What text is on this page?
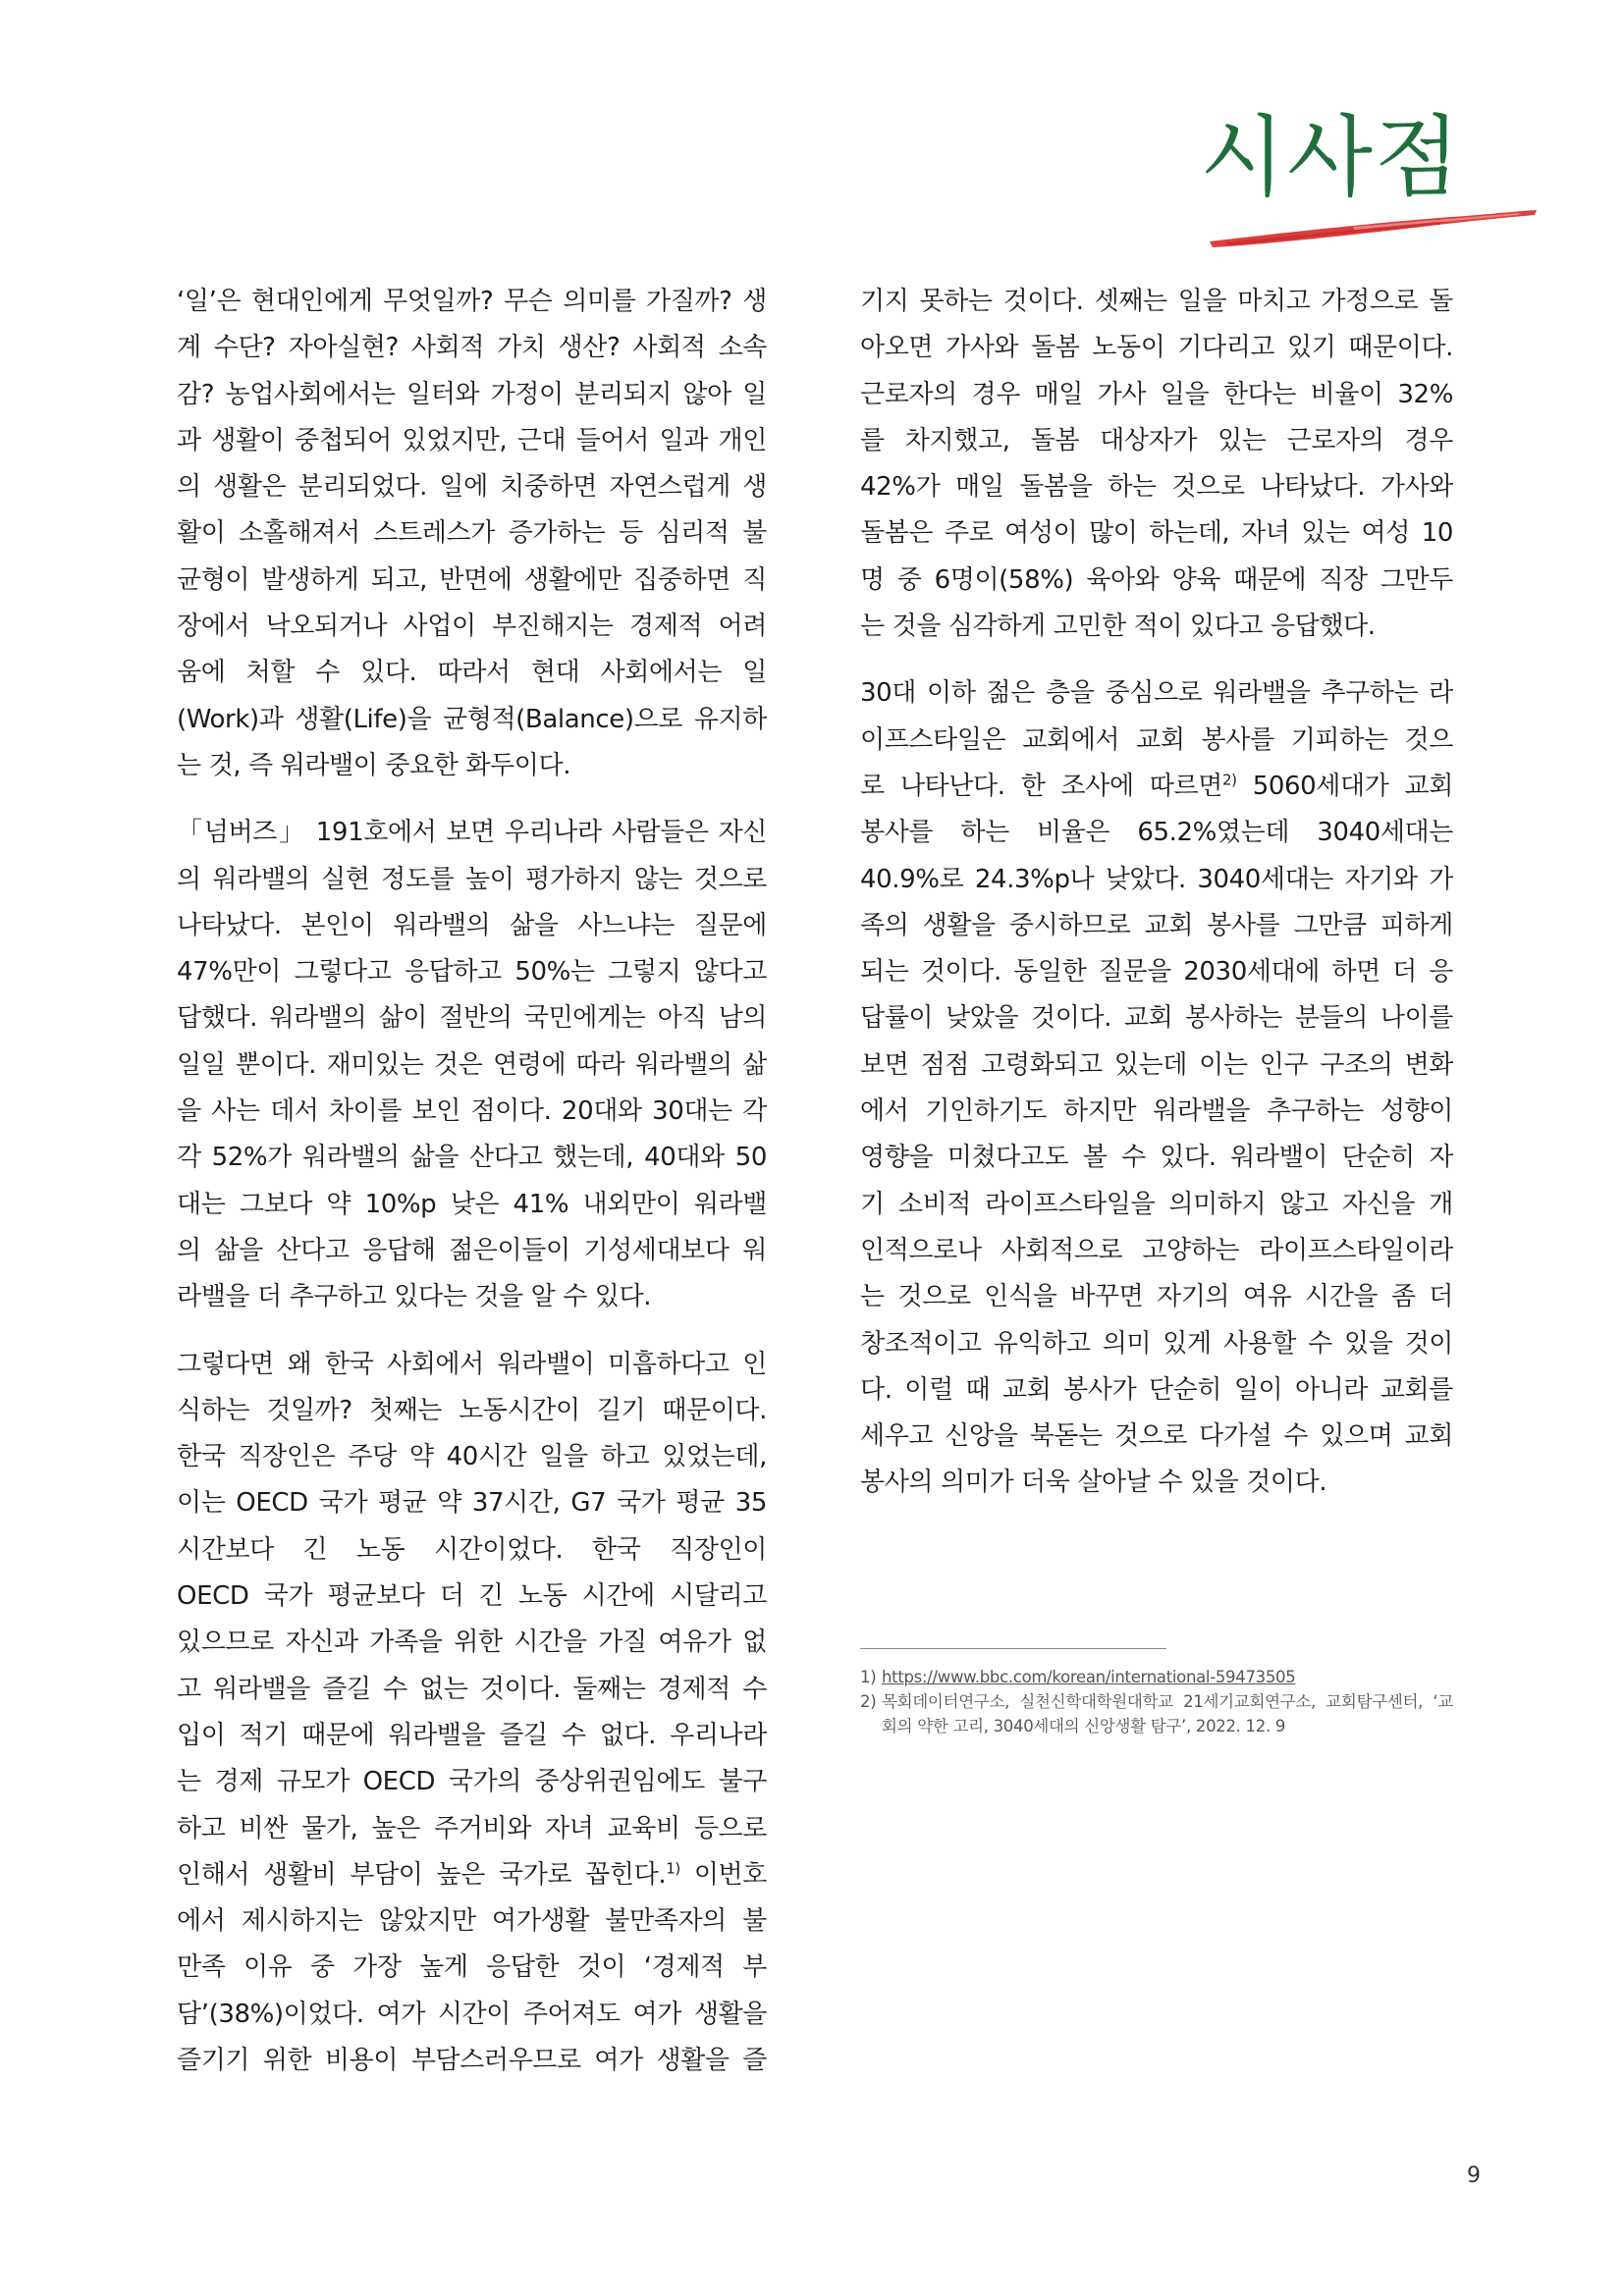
시사점
‘일’은 현대인에게 무엇일까? 무슨 의미를 가질까? 생
계 수단? 자아실현? 사회적 가치 생산? 사회적 소속
감? 농업사회에서는 일터와 가정이 분리되지 않아 일
과 생활이 중첩되어 있었지만, 근대 들어서 일과 개인
의 생활은 분리되었다. 일에 치중하면 자연스럽게 생
활이 소홀해져서 스트레스가 증가하는 등 심리적 불
균형이 발생하게 되고, 반면에 생활에만 집중하면 직
장에서 낙오되거나 사업이 부진해지는 경제적 어려
움에 처할 수 있다. 따라서 현대 사회에서는 일
(Work)과 생활(Life)을 균형적(Balance)으로 유지하
는 것, 즉 워라밸이 중요한 화두이다.
「넘버즈」 191호에서 보면 우리나라 사람들은 자신
의 워라밸의 실현 정도를 높이 평가하지 않는 것으로
나타났다. 본인이 워라밸의 삶을 사느냐는 질문에
47%만이 그렇다고 응답하고 50%는 그렇지 않다고
답했다. 워라밸의 삶이 절반의 국민에게는 아직 남의
일일 뿐이다. 재미있는 것은 연령에 따라 워라밸의 삶
을 사는 데서 차이를 보인 점이다. 20대와 30대는 각
각 52%가 워라밸의 삶을 산다고 했는데, 40대와 50
대는 그보다 약 10%p 낮은 41% 내외만이 워라밸
의 삶을 산다고 응답해 젊은이들이 기성세대보다 워
라밸을 더 추구하고 있다는 것을 알 수 있다.
그렇다면 왜 한국 사회에서 워라밸이 미흡하다고 인
식하는 것일까? 첫째는 노동시간이 길기 때문이다.
한국 직장인은 주당 약 40시간 일을 하고 있었는데,
이는 OECD 국가 평균 약 37시간, G7 국가 평균 35
시간보다 긴 노동 시간이었다. 한국 직장인이
OECD 국가 평균보다 더 긴 노동 시간에 시달리고
있으므로 자신과 가족을 위한 시간을 가질 여유가 없
고 워라밸을 즐길 수 없는 것이다. 둘째는 경제적 수
입이 적기 때문에 워라밸을 즐길 수 없다. 우리나라
는 경제 규모가 OECD 국가의 중상위권임에도 불구
하고 비싼 물가, 높은 주거비와 자녀 교육비 등으로
인해서 생활비 부담이 높은 국가로 꼽힌다.$^{1)}$ 이번호
에서 제시하지는 않았지만 여가생활 불만족자의 불
만족 이유 중 가장 높게 응답한 것이 ‘경제적 부
담’(38%)이었다. 여가 시간이 주어져도 여가 생활을
즐기기 위한 비용이 부담스러우므로 여가 생활을 즐
기지 못하는 것이다. 셋째는 일을 마치고 가정으로 돌
아오면 가사와 돌봄 노동이 기다리고 있기 때문이다.
근로자의 경우 매일 가사 일을 한다는 비율이 32%
를 차지했고, 돌봄 대상자가 있는 근로자의 경우
42%가 매일 돌봄을 하는 것으로 나타났다. 가사와
돌봄은 주로 여성이 많이 하는데, 자녀 있는 여성 10
명 중 6명이(58%) 육아와 양육 때문에 직장 그만두
는 것을 심각하게 고민한 적이 있다고 응답했다.
30대 이하 젊은 층을 중심으로 워라밸을 추구하는 라
이프스타일은 교회에서 교회 봉사를 기피하는 것으
로 나타난다. 한 조사에 따르면$^{2)}$ 5060세대가 교회
봉사를 하는 비율은 65.2%였는데 3040세대는
40.9%로 24.3%p나 낮았다. 3040세대는 자기와 가
족의 생활을 중시하므로 교회 봉사를 그만큼 피하게
되는 것이다. 동일한 질문을 2030세대에 하면 더 응
답률이 낮았을 것이다. 교회 봉사하는 분들의 나이를
보면 점점 고령화되고 있는데 이는 인구 구조의 변화
에서 기인하기도 하지만 워라밸을 추구하는 성향이
영향을 미쳤다고도 볼 수 있다. 워라밸이 단순히 자
기 소비적 라이프스타일을 의미하지 않고 자신을 개
인적으로나 사회적으로 고양하는 라이프스타일이라
는 것으로 인식을 바꾸면 자기의 여유 시간을 좀 더
창조적이고 유익하고 의미 있게 사용할 수 있을 것이
다. 이럴 때 교회 봉사가 단순히 일이 아니라 교회를
세우고 신앙을 북돋는 것으로 다가설 수 있으며 교회
봉사의 의미가 더욱 살아날 수 있을 것이다.
1) https://www.bbc.com/korean/international-59473505
2) 목회데이터연구소, 실천신학대학원대학교 21세기교회연구소, 교회탐구센터, ‘교
회의 약한 고리, 3040세대의 신앙생활 탐구’, 2022. 12. 9
9
